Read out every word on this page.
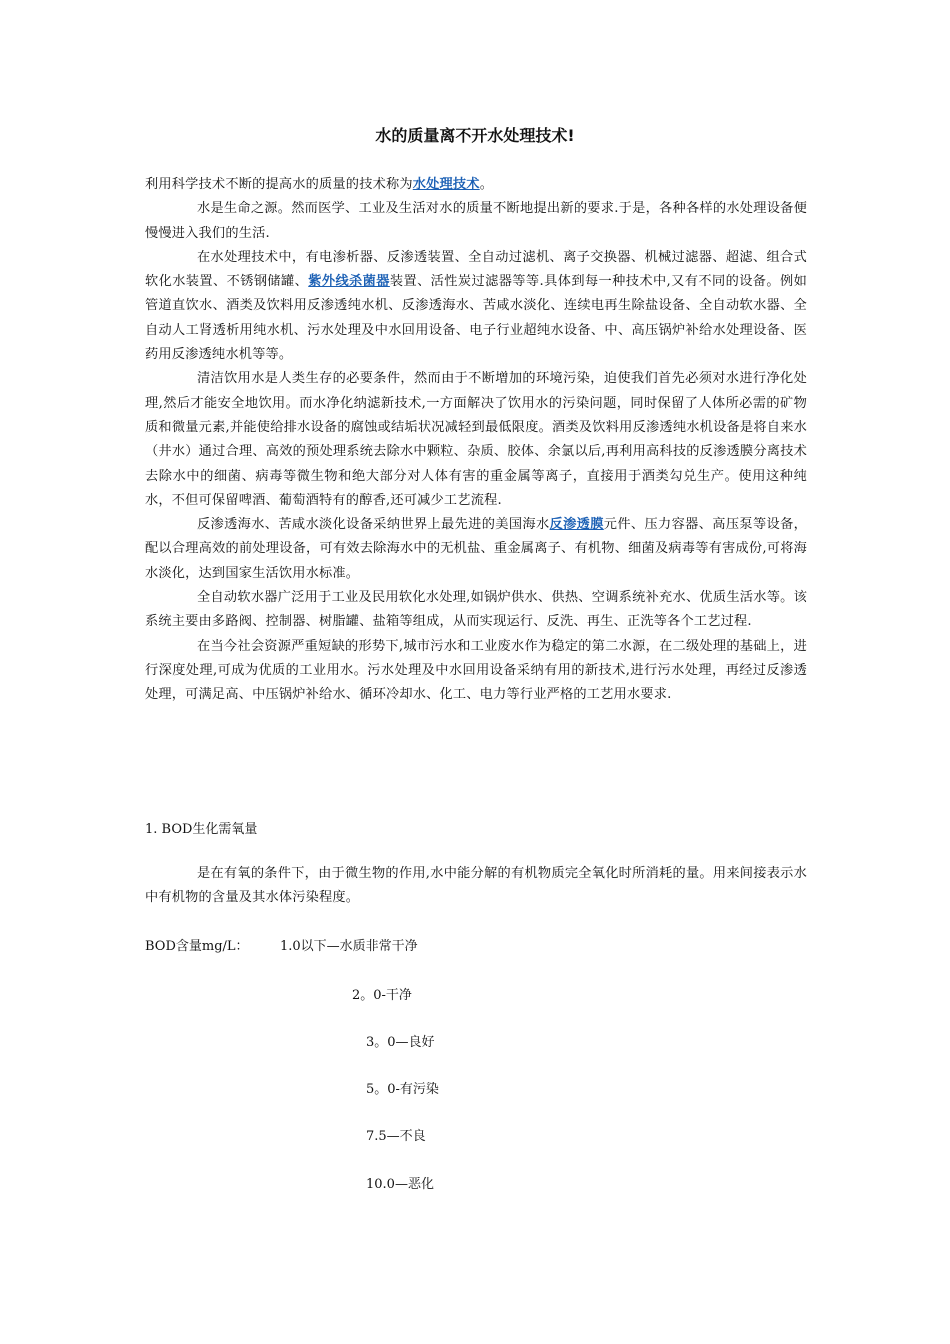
水的质量离不开水处理技术!

利用科学技术不断的提高水的质量的技术称为水处理技术。

水是生命之源。然而医学、工业及生活对水的质量不断地提出新的要求.于是，各种各样的水处理设备便慢慢进入我们的生活.

在水处理技术中，有电渗析器、反渗透装置、全自动过滤机、离子交换器、机械过滤器、超滤、组合式软化水装置、不锈钢储罐、紫外线杀菌器装置、活性炭过滤器等等.具体到每一种技术中,又有不同的设备。例如管道直饮水、酒类及饮料用反渗透纯水机、反渗透海水、苦咸水淡化、连续电再生除盐设备、全自动软水器、全自动人工肾透析用纯水机、污水处理及中水回用设备、电子行业超纯水设备、中、高压锅炉补给水处理设备、医药用反渗透纯水机等等。

清洁饮用水是人类生存的必要条件，然而由于不断增加的环境污染，迫使我们首先必须对水进行净化处理,然后才能安全地饮用。而水净化纳滤新技术,一方面解决了饮用水的污染问题，同时保留了人体所必需的矿物质和微量元素,并能使给排水设备的腐蚀或结垢状况减轻到最低限度。酒类及饮料用反渗透纯水机设备是将自来水（井水）通过合理、高效的预处理系统去除水中颗粒、杂质、胶体、余氯以后,再利用高科技的反渗透膜分离技术去除水中的细菌、病毒等微生物和绝大部分对人体有害的重金属等离子，直接用于酒类勾兑生产。使用这种纯水，不但可保留啤酒、葡萄酒特有的醇香,还可减少工艺流程.

反渗透海水、苦咸水淡化设备采纳世界上最先进的美国海水反渗透膜元件、压力容器、高压泵等设备，配以合理高效的前处理设备，可有效去除海水中的无机盐、重金属离子、有机物、细菌及病毒等有害成份,可将海水淡化，达到国家生活饮用水标准。

全自动软水器广泛用于工业及民用软化水处理,如锅炉供水、供热、空调系统补充水、优质生活水等。该系统主要由多路阀、控制器、树脂罐、盐箱等组成，从而实现运行、反洗、再生、正洗等各个工艺过程.

在当今社会资源严重短缺的形势下,城市污水和工业废水作为稳定的第二水源，在二级处理的基础上，进行深度处理,可成为优质的工业用水。污水处理及中水回用设备采纳有用的新技术,进行污水处理，再经过反渗透处理，可满足高、中压锅炉补给水、循环冷却水、化工、电力等行业严格的工艺用水要求.

1. BOD生化需氧量
是在有氧的条件下，由于微生物的作用,水中能分解的有机物质完全氧化时所消耗的量。用来间接表示水中有机物的含量及其水体污染程度。
BOD含量mg/L： 1.0以下—水质非常干净
2。0-干净
3。0—良好
5。0-有污染
7.5—不良
10.0—恶化
